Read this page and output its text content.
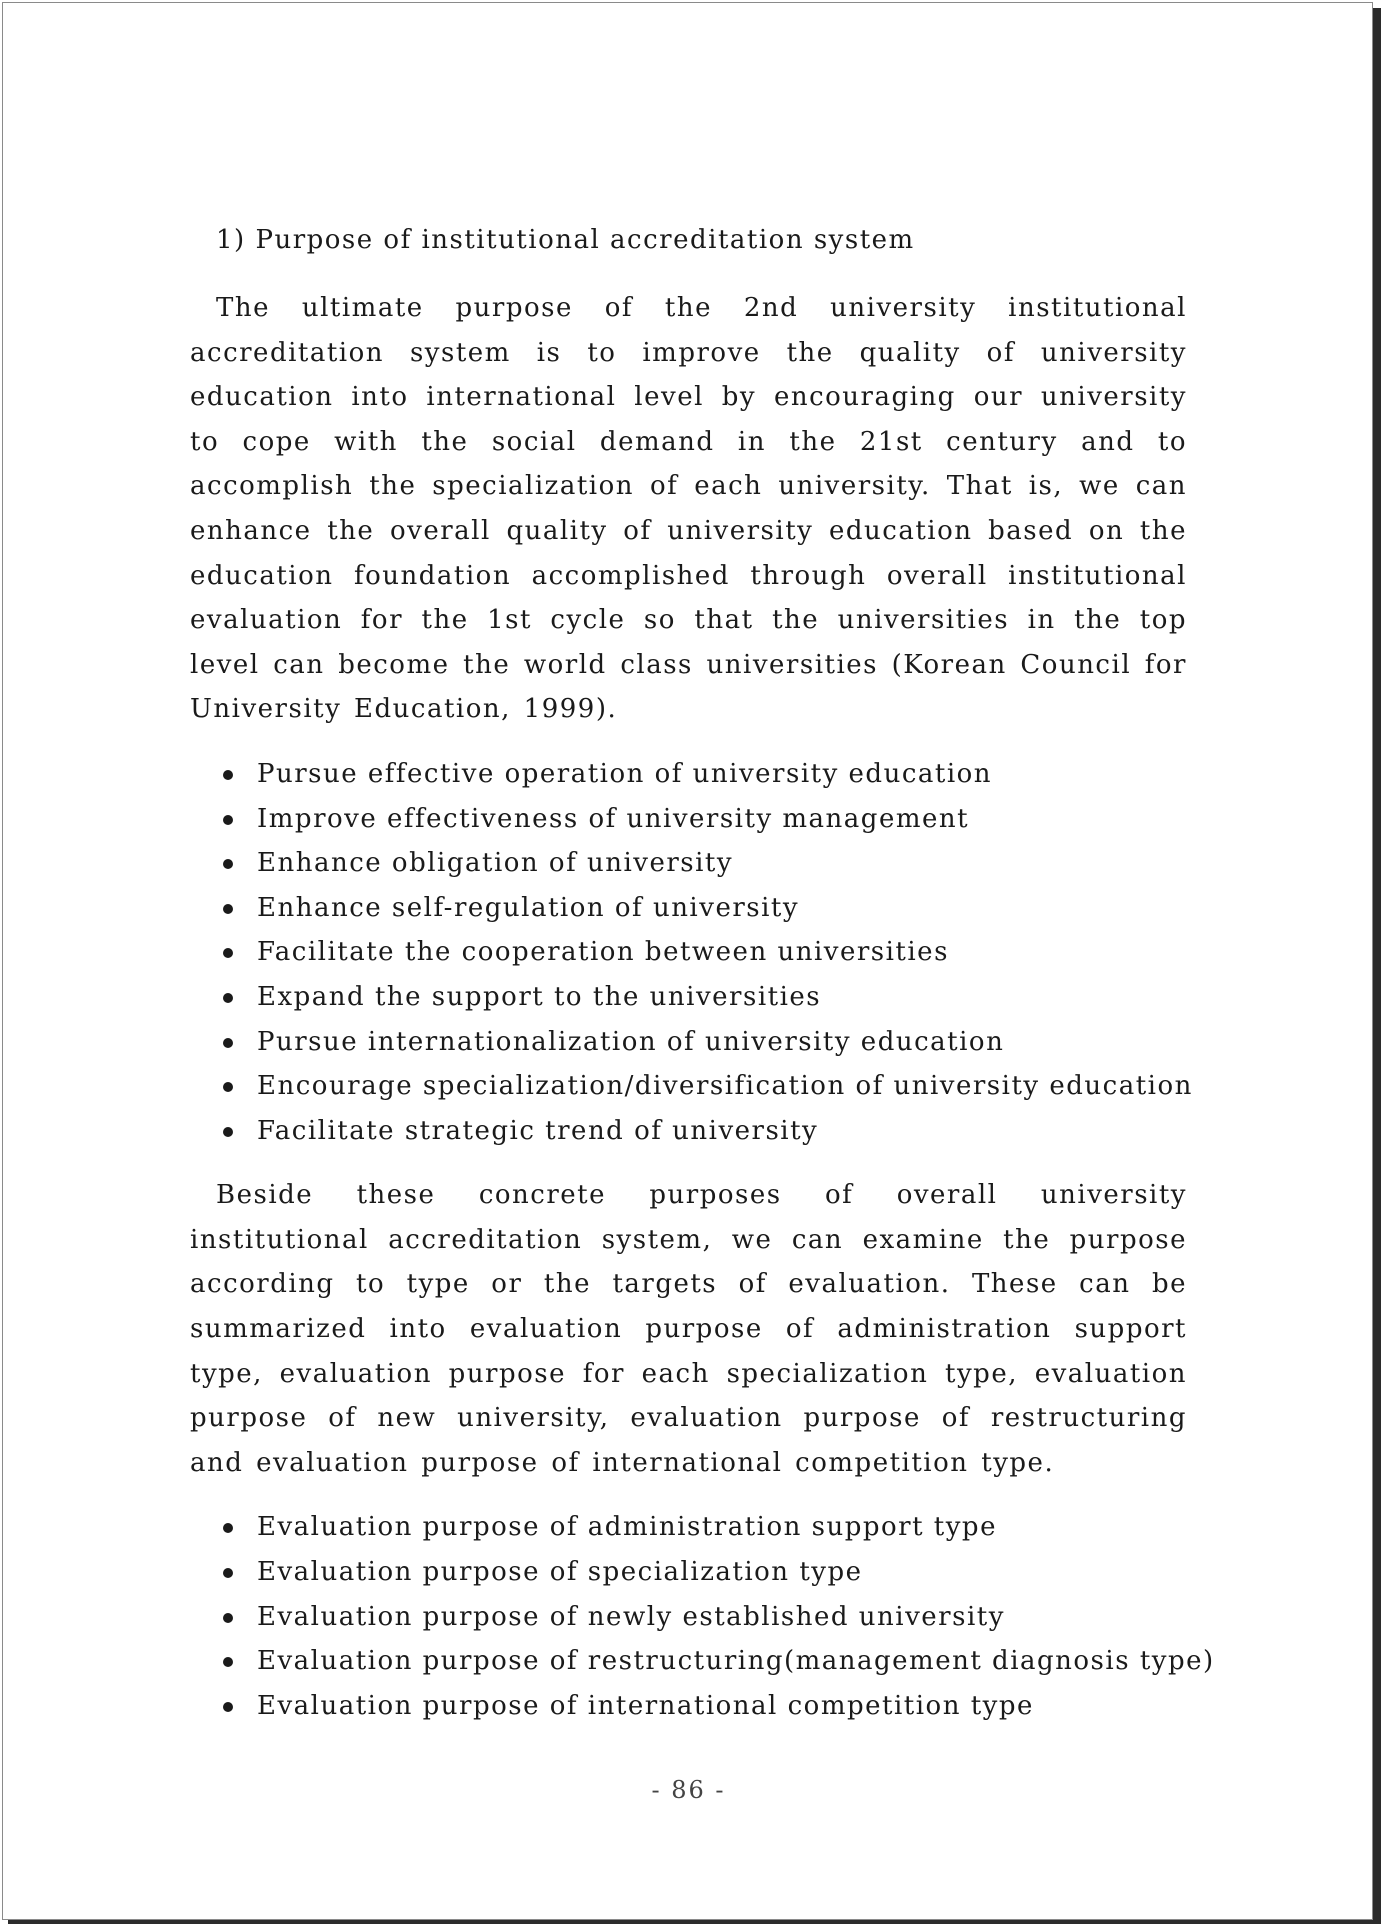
1) Purpose of institutional accreditation system

The ultimate purpose of the 2nd university institutional accreditation system is to improve the quality of university education into international level by encouraging our university to cope with the social demand in the 21st century and to accomplish the specialization of each university. That is, we can enhance the overall quality of university education based on the education foundation accomplished through overall institutional evaluation for the 1st cycle so that the universities in the top level can become the world class universities (Korean Council for University Education, 1999).

Pursue effective operation of university education
Improve effectiveness of university management
Enhance obligation of university
Enhance self-regulation of university
Facilitate the cooperation between universities
Expand the support to the universities
Pursue internationalization of university education
Encourage specialization/diversification of university education
Facilitate strategic trend of university

Beside these concrete purposes of overall university institutional accreditation system, we can examine the purpose according to type or the targets of evaluation. These can be summarized into evaluation purpose of administration support type, evaluation purpose for each specialization type, evaluation purpose of new university, evaluation purpose of restructuring and evaluation purpose of international competition type.

Evaluation purpose of administration support type
Evaluation purpose of specialization type
Evaluation purpose of newly established university
Evaluation purpose of restructuring(management diagnosis type)
Evaluation purpose of international competition type
- 86 -
